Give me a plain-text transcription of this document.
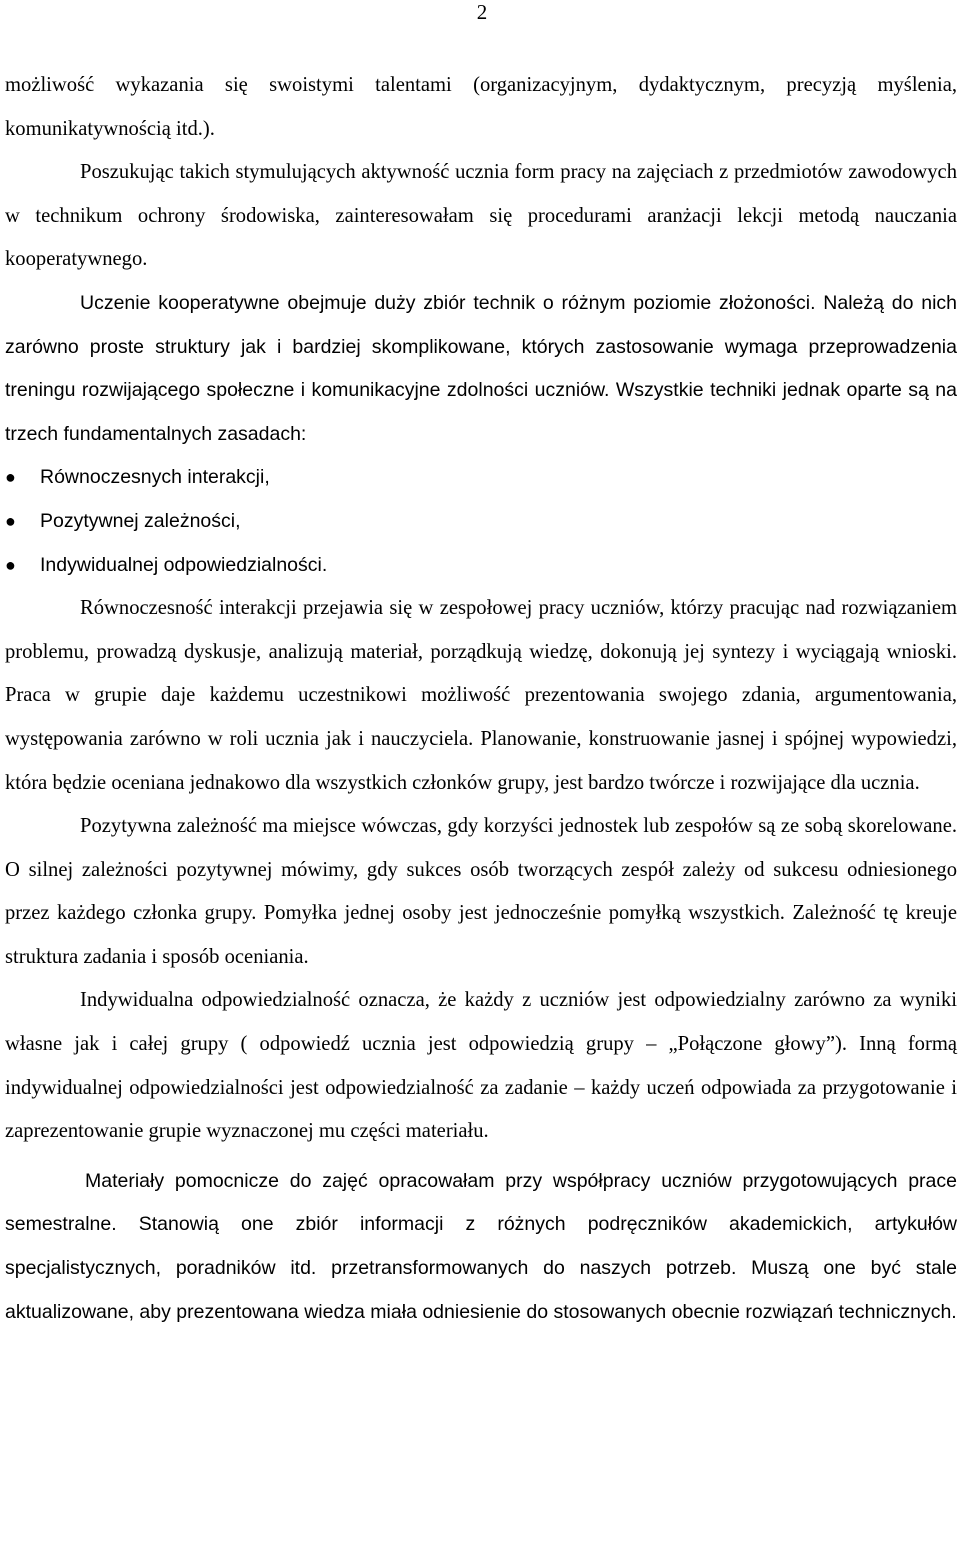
2

możliwość wykazania się swoistymi talentami (organizacyjnym, dydaktycznym, precyzją myślenia, komunikatywnością itd.).

Poszukując takich stymulujących aktywność ucznia form pracy na zajęciach z przedmiotów zawodowych w technikum ochrony środowiska, zainteresowałam się procedurami aranżacji lekcji metodą nauczania kooperatywnego.

Uczenie kooperatywne obejmuje duży zbiór technik o różnym poziomie złożoności. Należą do nich zarówno proste struktury jak i bardziej skomplikowane, których zastosowanie wymaga przeprowadzenia treningu rozwijającego społeczne i komunikacyjne zdolności uczniów. Wszystkie techniki jednak oparte są na trzech fundamentalnych zasadach:

●	Równoczesnych interakcji,
●	Pozytywnej zależności,
●	Indywidualnej odpowiedzialności.

Równoczesność interakcji przejawia się w zespołowej pracy uczniów, którzy pracując nad rozwiązaniem problemu, prowadzą dyskusje, analizują materiał, porządkują wiedzę, dokonują jej syntezy i wyciągają wnioski. Praca w grupie daje każdemu uczestnikowi możliwość prezentowania swojego zdania, argumentowania, występowania zarówno w roli ucznia jak i nauczyciela. Planowanie, konstruowanie jasnej i spójnej wypowiedzi, która będzie oceniana jednakowo dla wszystkich członków grupy, jest bardzo twórcze i rozwijające dla ucznia.

Pozytywna zależność ma miejsce wówczas, gdy korzyści jednostek lub zespołów są ze sobą skorelowane. O silnej zależności pozytywnej mówimy, gdy sukces osób tworzących zespół zależy od sukcesu odniesionego przez każdego członka grupy. Pomyłka jednej osoby jest jednocześnie pomyłką wszystkich. Zależność tę kreuje struktura zadania i sposób oceniania.

Indywidualna odpowiedzialność oznacza, że każdy z uczniów jest odpowiedzialny zarówno za wyniki własne jak i całej grupy ( odpowiedź ucznia jest odpowiedzią grupy – „Połączone głowy”). Inną formą indywidualnej odpowiedzialności jest odpowiedzialność za zadanie – każdy uczeń odpowiada za przygotowanie i zaprezentowanie grupie wyznaczonej mu części materiału.

Materiały pomocnicze do zajęć opracowałam przy współpracy uczniów przygotowujących prace semestralne. Stanowią one zbiór informacji z różnych podręczników akademickich, artykułów specjalistycznych, poradników itd. przetransformowanych do naszych potrzeb. Muszą one być stale aktualizowane, aby prezentowana wiedza miała odniesienie do stosowanych obecnie rozwiązań technicznych.
